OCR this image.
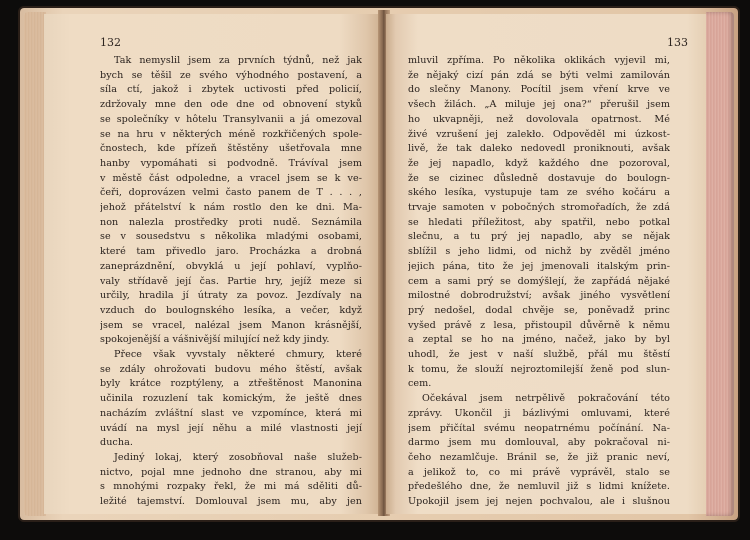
132
Tak nemyslil jsem za prvních týdnů, než jak
bych se těšil ze svého výhodného postavení, a
síla ctí, jakož i zbytek uctivosti před policií,
zdržovaly mne den ode dne od obnovení styků
se společníky v hôtelu Transylvanii a já omezoval
se na hru v některých méně rozkřičených spole-
čnostech, kde přízeň štěstěny ušetřovala mne
hanby vypomáhati si podvodně. Trávíval jsem
v městě část odpoledne, a vracel jsem se k ve-
čeři, doprovázen velmi často panem de T . . . ,
jehož přátelství k nám rostlo den ke dni. Ma-
non nalezla prostředky proti nudě. Seznámila
se v sousedstvu s několika mladými osobami,
které tam přivedlo jaro. Procházka a drobná
zaneprázdnění, obvyklá u její pohlaví, vyplňo-
valy střídavě její čas. Partie hry, jejíž meze si
určily, hradila jí útraty za povoz. Jezdívaly na
vzduch do boulognského lesíka, a večer, když
jsem se vracel, nalézal jsem Manon krásnější,
spokojenější a vášnivější milující než kdy jindy.
Přece však vyvstaly některé chmury, které
se zdály ohrožovati budovu mého štěstí, avšak
byly krátce rozptýleny, a ztřeštěnost Manonina
učinila rozuzlení tak komickým, že ještě dnes
nacházím zvláštní slast ve vzpomínce, která mi
uvádí na mysl její něhu a milé vlastnosti její
ducha.
Jediný lokaj, který zosobňoval naše služeb-
nictvo, pojal mne jednoho dne stranou, aby mi
s mnohými rozpaky řekl, že mi má sděliti dů-
ležité tajemství. Domlouval jsem mu, aby jen
133
mluvil zpříma. Po několika oklikách vyjevil mi,
že nějaký cizí pán zdá se býti velmi zamilován
do slečny Manony. Pocítil jsem vření krve ve
všech žilách. „A miluje jej ona?“ přerušil jsem
ho ukvapněji, než dovolovala opatrnost. Mé
živé vzrušení jej zalekło. Odpověděl mi úzkost-
livě, že tak daleko nedovedl proniknouti, avšak
že jej napadlo, když každého dne pozoroval,
že se cizinec důsledně dostavuje do boulogn-
ského lesíka, vystupuje tam ze svého kočáru a
trvaje samoten v pobočných stromořadích, že zdá
se hledati příležitost, aby spatřil, nebo potkal
slečnu, a tu prý jej napadlo, aby se nějak
sblížil s jeho lidmi, od nichž by zvěděl jméno
jejich pána, tito že jej jmenovali italským prin-
cem a sami prý se domýšlejí, že zapřádá nějaké
milostné dobrodružství; avšak jiného vysvětlení
prý nedošel, dodal chvěje se, poněvadž princ
vyšed právě z lesa, přistoupil důvěrně k němu
a zeptal se ho na jméno, načež, jako by byl
uhodl, že jest v naší službě, přál mu štěstí
k tomu, že slouží nejroztomilejší ženě pod slun-
cem.
Očekával jsem netrpělivě pokračování této
zprávy. Ukončil ji bázlivými omluvami, které
jsem přičítal svému neopatrnému počínání. Na-
darmo jsem mu domlouval, aby pokračoval ni-
čeho nezamlčuje. Bránil se, že již pranic neví,
a jelikož to, co mi právě vyprávěl, stalo se
předešlého dne, že nemluvil již s lidmi knížete.
Upokojil jsem jej nejen pochvalou, ale i slušnou
